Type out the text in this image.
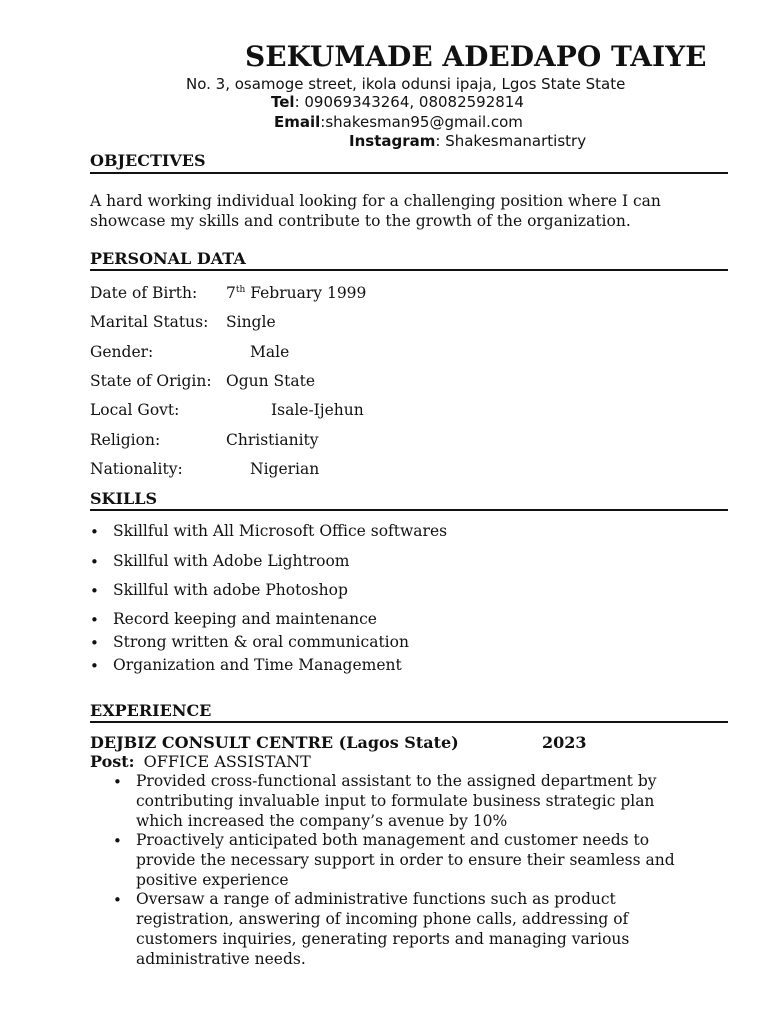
SEKUMADE ADEDAPO TAIYE
No. 3, osamoge street, ikola odunsi ipaja, Lgos State State
Tel: 09069343264, 08082592814
Email:shakesman95@gmail.com
Instagram: Shakesmanartistry
OBJECTIVES
A hard working individual looking for a challenging position where I can
showcase my skills and contribute to the growth of the organization.
PERSONAL DATA
Date of Birth: 7th February 1999
Marital Status: Single
Gender:	Male
State of Origin: Ogun State
Local Govt:	Isale-Ijehun
Religion:	Christianity
Nationality:	Nigerian
SKILLS
• Skillful with All Microsoft Office softwares
• Skillful with Adobe Lightroom
• Skillful with adobe Photoshop
• Record keeping and maintenance
• Strong written & oral communication
• Organization and Time Management
EXPERIENCE
DEJBIZ CONSULT CENTRE (Lagos State)	2023
Post: OFFICE ASSISTANT
• Provided cross-functional assistant to the assigned department by
contributing invaluable input to formulate business strategic plan
which increased the company’s avenue by 10%
• Proactively anticipated both management and customer needs to
provide the necessary support in order to ensure their seamless and
positive experience
• Oversaw a range of administrative functions such as product
registration, answering of incoming phone calls, addressing of
customers inquiries, generating reports and managing various
administrative needs.
